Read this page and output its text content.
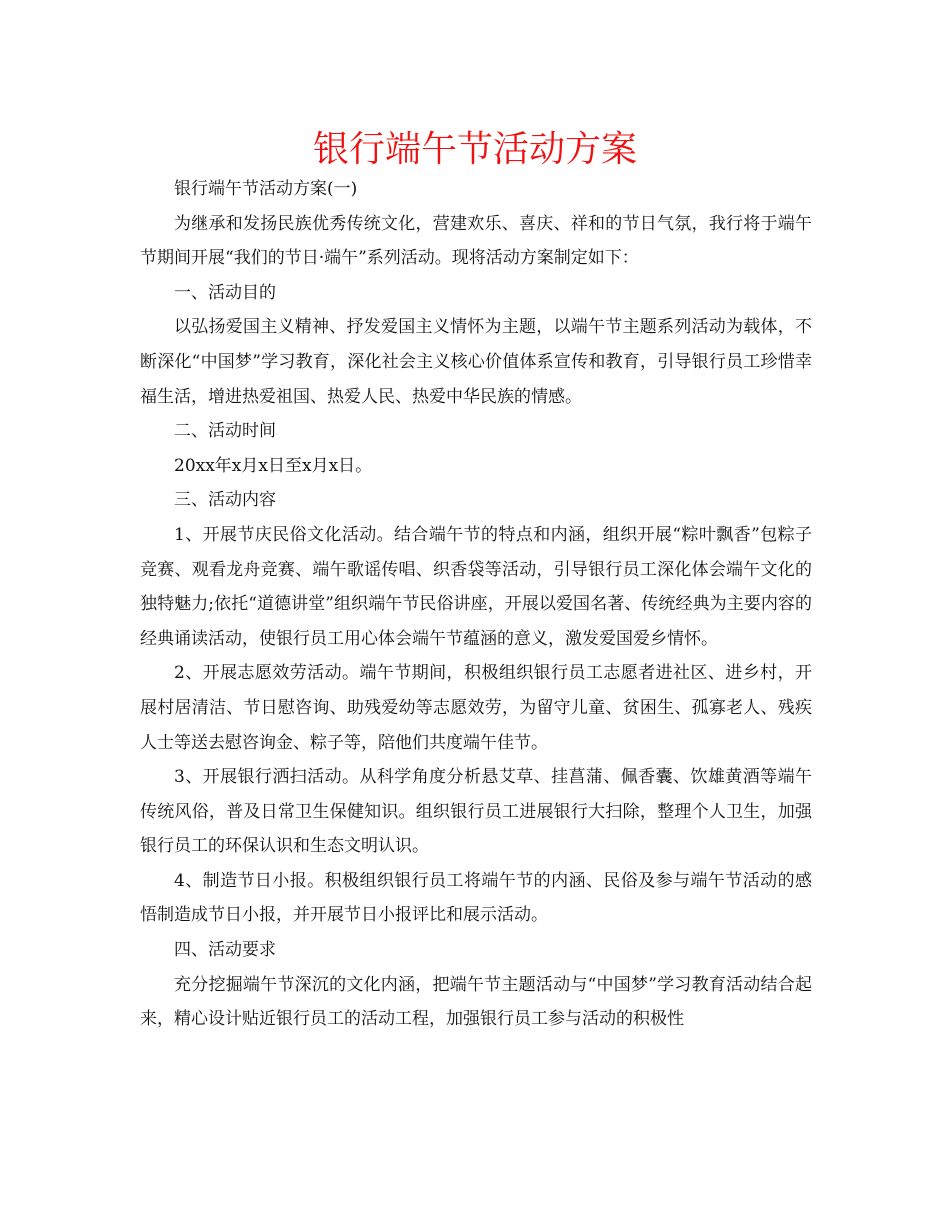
银行端午节活动方案

银行端午节活动方案(一)

为继承和发扬民族优秀传统文化，营建欢乐、喜庆、祥和的节日气氛，我行将于端午节期间开展“我们的节日·端午”系列活动。现将活动方案制定如下：

一、活动目的

以弘扬爱国主义精神、抒发爱国主义情怀为主题，以端午节主题系列活动为载体，不断深化“中国梦”学习教育，深化社会主义核心价值体系宣传和教育，引导银行员工珍惜幸福生活，增进热爱祖国、热爱人民、热爱中华民族的情感。

二、活动时间

20xx年x月x日至x月x日。

三、活动内容

1、开展节庆民俗文化活动。结合端午节的特点和内涵，组织开展“粽叶飘香”包粽子竞赛、观看龙舟竞赛、端午歌谣传唱、织香袋等活动，引导银行员工深化体会端午文化的独特魅力;依托“道德讲堂”组织端午节民俗讲座，开展以爱国名著、传统经典为主要内容的经典诵读活动，使银行员工用心体会端午节蕴涵的意义，激发爱国爱乡情怀。

2、开展志愿效劳活动。端午节期间，积极组织银行员工志愿者进社区、进乡村，开展村居清洁、节日慰咨询、助残爱幼等志愿效劳，为留守儿童、贫困生、孤寡老人、残疾人士等送去慰咨询金、粽子等，陪他们共度端午佳节。

3、开展银行洒扫活动。从科学角度分析悬艾草、挂菖蒲、佩香囊、饮雄黄酒等端午传统风俗，普及日常卫生保健知识。组织银行员工进展银行大扫除，整理个人卫生，加强银行员工的环保认识和生态文明认识。

4、制造节日小报。积极组织银行员工将端午节的内涵、民俗及参与端午节活动的感悟制造成节日小报，并开展节日小报评比和展示活动。

四、活动要求

充分挖掘端午节深沉的文化内涵，把端午节主题活动与“中国梦”学习教育活动结合起来，精心设计贴近银行员工的活动工程，加强银行员工参与活动的积极性
